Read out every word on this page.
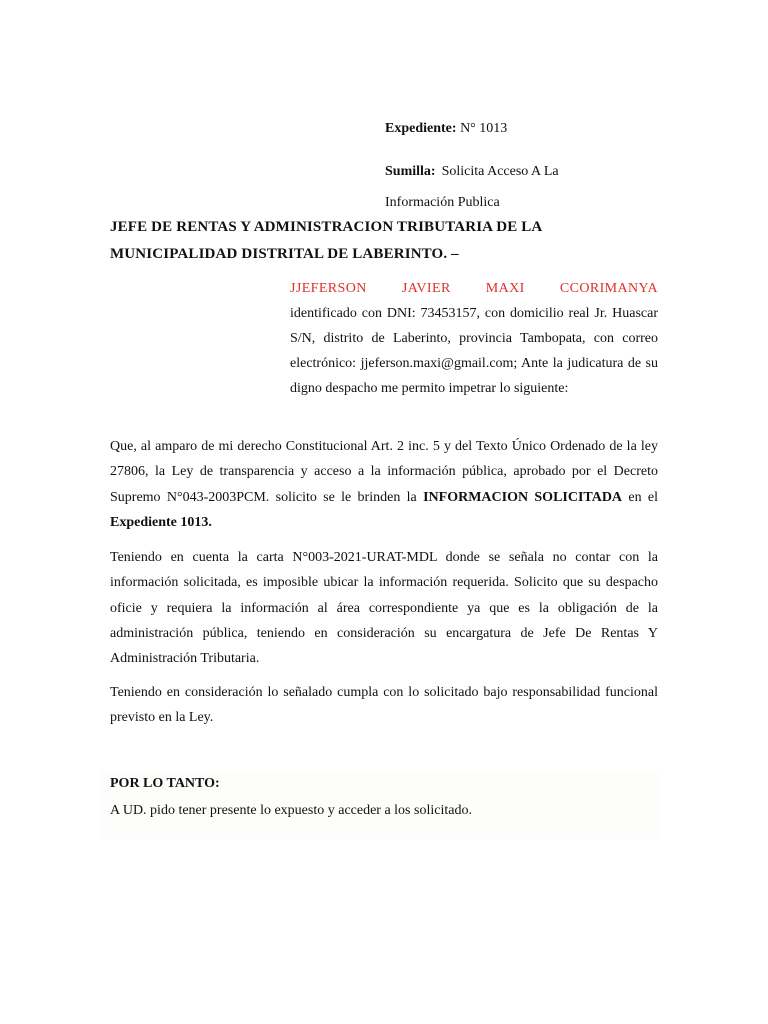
Expediente: N° 1013
Sumilla: Solicita Acceso A La Información Publica
JEFE DE RENTAS Y ADMINISTRACION TRIBUTARIA DE LA MUNICIPALIDAD DISTRITAL DE LABERINTO. –
JJEFERSON JAVIER MAXI CCORIMANYA
identificado con DNI: 73453157, con domicilio real Jr. Huascar S/N, distrito de Laberinto, provincia Tambopata, con correo electrónico: jjeferson.maxi@gmail.com; Ante la judicatura de su digno despacho me permito impetrar lo siguiente:

Que, al amparo de mi derecho Constitucional Art. 2 inc. 5 y del Texto Único Ordenado de la ley 27806, la Ley de transparencia y acceso a la información pública, aprobado por el Decreto Supremo N°043-2003PCM. solicito se le brinden la INFORMACION SOLICITADA en el Expediente 1013.

Teniendo en cuenta la carta N°003-2021-URAT-MDL donde se señala no contar con la información solicitada, es imposible ubicar la información requerida. Solicito que su despacho oficie y requiera la información al área correspondiente ya que es la obligación de la administración pública, teniendo en consideración su encargatura de Jefe De Rentas Y Administración Tributaria.

Teniendo en consideración lo señalado cumpla con lo solicitado bajo responsabilidad funcional previsto en la Ley.

POR LO TANTO:
A UD. pido tener presente lo expuesto y acceder a los solicitado.
